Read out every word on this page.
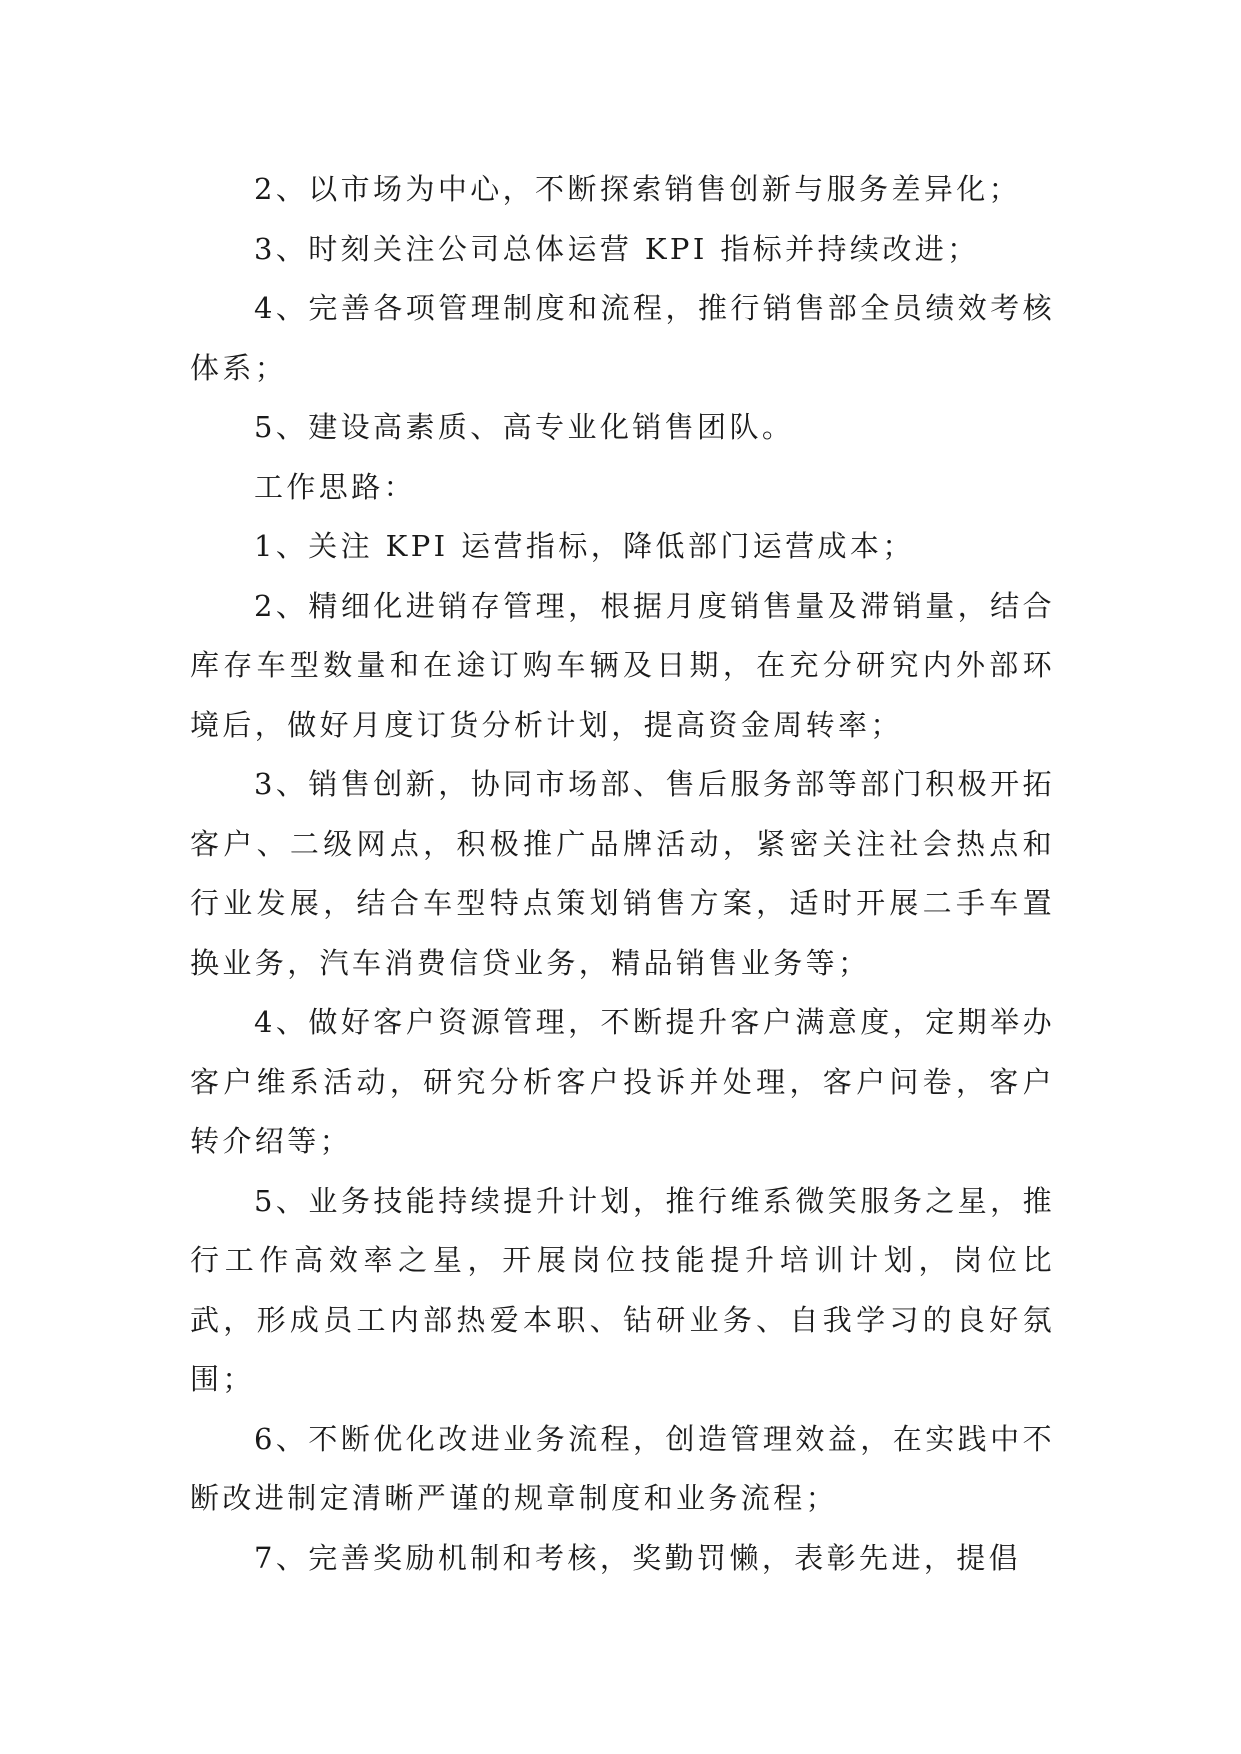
2、以市场为中心，不断探索销售创新与服务差异化；

3、时刻关注公司总体运营 KPI 指标并持续改进；

4、完善各项管理制度和流程，推行销售部全员绩效考核体系；

5、建设高素质、高专业化销售团队。

工作思路：

1、关注 KPI 运营指标，降低部门运营成本；

2、精细化进销存管理，根据月度销售量及滞销量，结合库存车型数量和在途订购车辆及日期，在充分研究内外部环境后，做好月度订货分析计划，提高资金周转率；

3、销售创新，协同市场部、售后服务部等部门积极开拓客户、二级网点，积极推广品牌活动，紧密关注社会热点和行业发展，结合车型特点策划销售方案，适时开展二手车置换业务，汽车消费信贷业务，精品销售业务等；

4、做好客户资源管理，不断提升客户满意度，定期举办客户维系活动，研究分析客户投诉并处理，客户问卷，客户转介绍等；

5、业务技能持续提升计划，推行维系微笑服务之星，推行工作高效率之星，开展岗位技能提升培训计划，岗位比武，形成员工内部热爱本职、钻研业务、自我学习的良好氛围；

6、不断优化改进业务流程，创造管理效益，在实践中不断改进制定清晰严谨的规章制度和业务流程；

7、完善奖励机制和考核，奖勤罚懒，表彰先进，提倡
